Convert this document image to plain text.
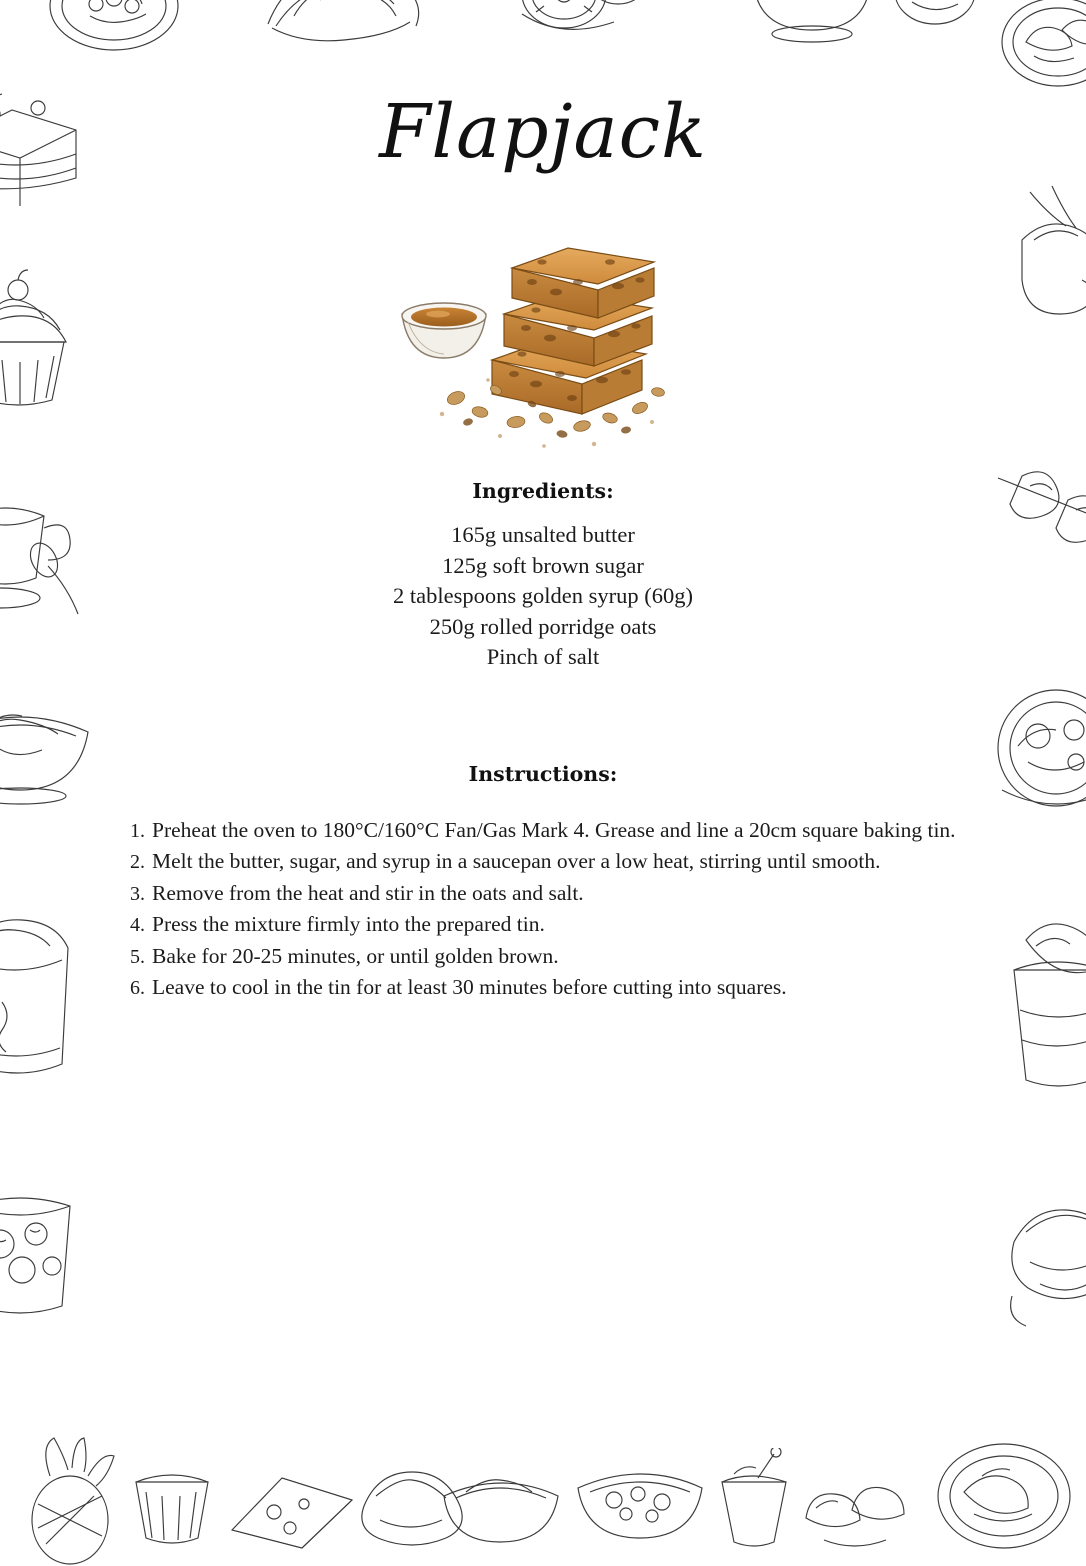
Flapjack
Ingredients:
165g unsalted butter
125g soft brown sugar
2 tablespoons golden syrup (60g)
250g rolled porridge oats
Pinch of salt
Instructions:
1. Preheat the oven to 180°C/160°C Fan/Gas Mark 4. Grease and line a 20cm square baking tin.
2. Melt the butter, sugar, and syrup in a saucepan over a low heat, stirring until smooth.
3. Remove from the heat and stir in the oats and salt.
4. Press the mixture firmly into the prepared tin.
5. Bake for 20-25 minutes, or until golden brown.
6. Leave to cool in the tin for at least 30 minutes before cutting into squares.
